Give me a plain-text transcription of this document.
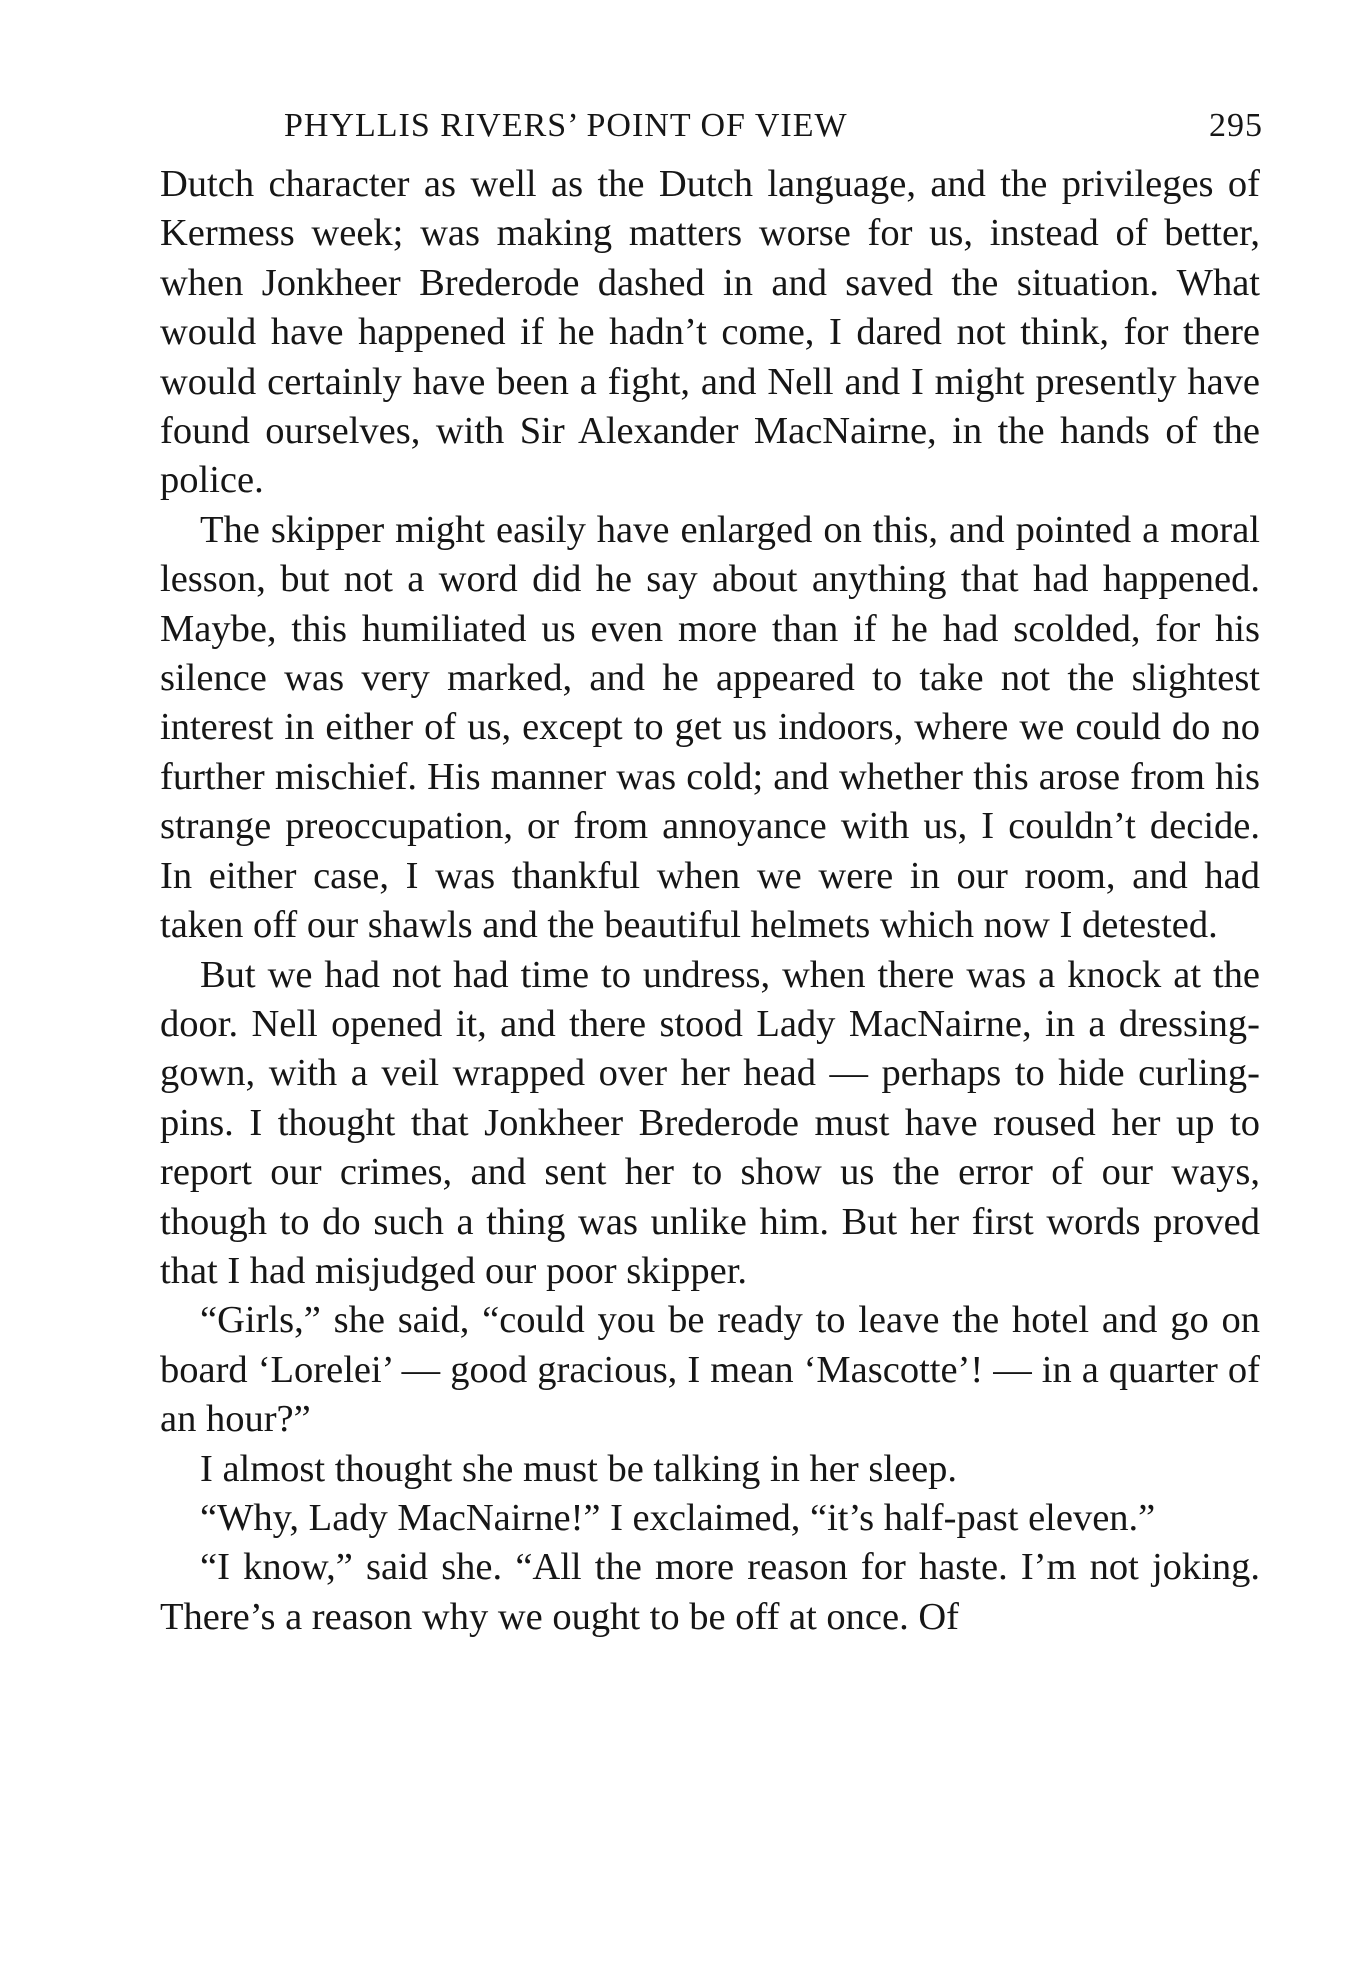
PHYLLIS RIVERS’ POINT OF VIEW	295

Dutch character as well as the Dutch language, and the privileges of Kermess week; was making matters worse for us, instead of better, when Jonkheer Brederode dashed in and saved the situation. What would have happened if he hadn’t come, I dared not think, for there would certainly have been a fight, and Nell and I might presently have found ourselves, with Sir Alexander MacNairne, in the hands of the police.

The skipper might easily have enlarged on this, and pointed a moral lesson, but not a word did he say about anything that had happened. Maybe, this humiliated us even more than if he had scolded, for his silence was very marked, and he appeared to take not the slightest interest in either of us, except to get us indoors, where we could do no further mischief. His manner was cold; and whether this arose from his strange preoccupation, or from annoyance with us, I couldn’t decide. In either case, I was thankful when we were in our room, and had taken off our shawls and the beautiful helmets which now I detested.

But we had not had time to undress, when there was a knock at the door. Nell opened it, and there stood Lady MacNairne, in a dressing-gown, with a veil wrapped over her head — perhaps to hide curling-pins. I thought that Jonkheer Brederode must have roused her up to report our crimes, and sent her to show us the error of our ways, though to do such a thing was unlike him. But her first words proved that I had misjudged our poor skipper.

“Girls,” she said, “could you be ready to leave the hotel and go on board ‘Lorelei’ — good gracious, I mean ‘Mascotte’! — in a quarter of an hour?”

I almost thought she must be talking in her sleep.

“Why, Lady MacNairne!” I exclaimed, “it’s half-past eleven.”

“I know,” said she. “All the more reason for haste. I’m not joking. There’s a reason why we ought to be off at once. Of
